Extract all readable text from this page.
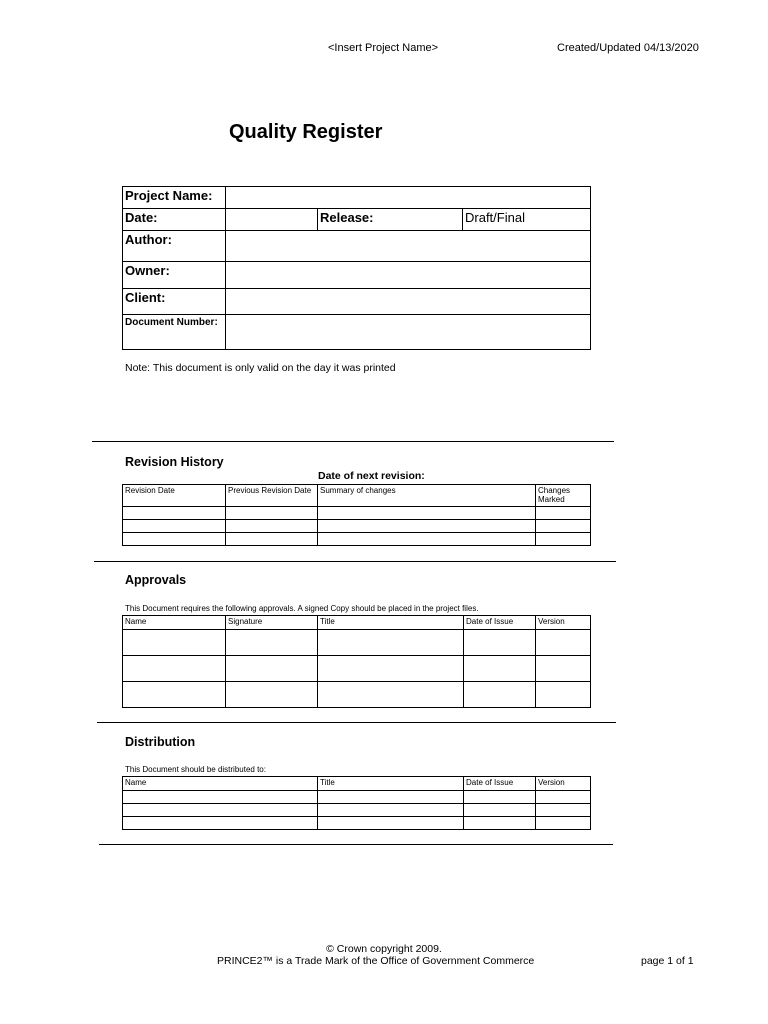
<Insert Project Name>	Created/Updated 04/13/2020
Quality Register
Project Name:			
Date:		Release:	Draft/Final
Author:			
Owner:			
Client:			
Document Number:			
Note: This document is only valid on the day it was printed
Revision History
Date of next revision:
Revision Date	Previous Revision Date	Summary of changes	Changes Marked

Approvals
This Document requires the following approvals. A signed Copy should be placed in the project files.
Name	Signature	Title	Date of Issue	Version

Distribution
This Document should be distributed to:
Name	Title	Date of Issue	Version

© Crown copyright 2009.
PRINCE2™ is a Trade Mark of the Office of Government Commerce	page 1 of 1
